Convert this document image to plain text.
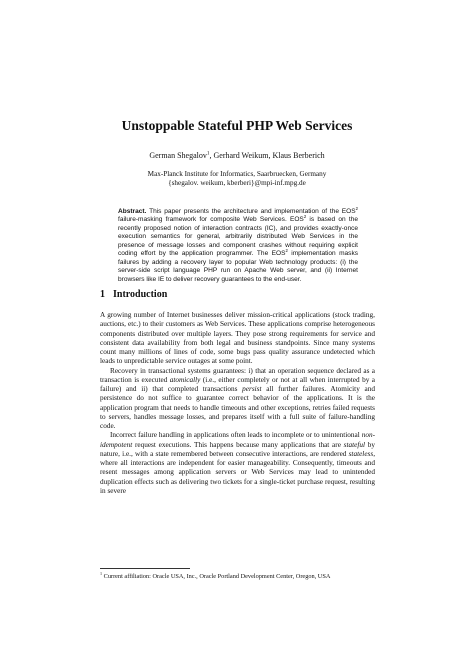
Unstoppable Stateful PHP Web Services
German Shegalov$^1$, Gerhard Weikum, Klaus Berberich
Max-Planck Institute for Informatics, Saarbruecken, Germany
{shegalov. weikum, kberberi}@mpi-inf.mpg.de
Abstract. This paper presents the architecture and implementation of the EOS$^2$ failure-masking framework for composite Web Services. EOS$^2$ is based on the recently proposed notion of interaction contracts (IC), and provides exactly-once execution semantics for general, arbitrarily distributed Web Services in the presence of message losses and component crashes without requiring explicit coding effort by the application programmer. The EOS$^2$ implementation masks failures by adding a recovery layer to popular Web technology products: (i) the server-side script language PHP run on Apache Web server, and (ii) Internet browsers like IE to deliver recovery guarantees to the end-user.
1 Introduction

A growing number of Internet businesses deliver mission-critical applications (stock trading, auctions, etc.) to their customers as Web Services. These applications comprise heterogeneous components distributed over multiple layers. They pose strong requirements for service and consistent data availability from both legal and business standpoints. Since many systems count many millions of lines of code, some bugs pass quality assurance undetected which leads to unpredictable service outages at some point.

Recovery in transactional systems guarantees: i) that an operation sequence declared as a transaction is executed atomically (i.e., either completely or not at all when interrupted by a failure) and ii) that completed transactions persist all further failures. Atomicity and persistence do not suffice to guarantee correct behavior of the applications. It is the application program that needs to handle timeouts and other exceptions, retries failed requests to servers, handles message losses, and prepares itself with a full suite of failure-handling code.

Incorrect failure handling in applications often leads to incomplete or to unintentional non-idempotent request executions. This happens because many applications that are stateful by nature, i.e., with a state remembered between consecutive interactions, are rendered stateless, where all interactions are independent for easier manageability. Consequently, timeouts and resent messages among application servers or Web Services may lead to unintended duplication effects such as delivering two tickets for a single-ticket purchase request, resulting in severe

$^1$ Current affiliation: Oracle USA, Inc., Oracle Portland Development Center, Oregon, USA
